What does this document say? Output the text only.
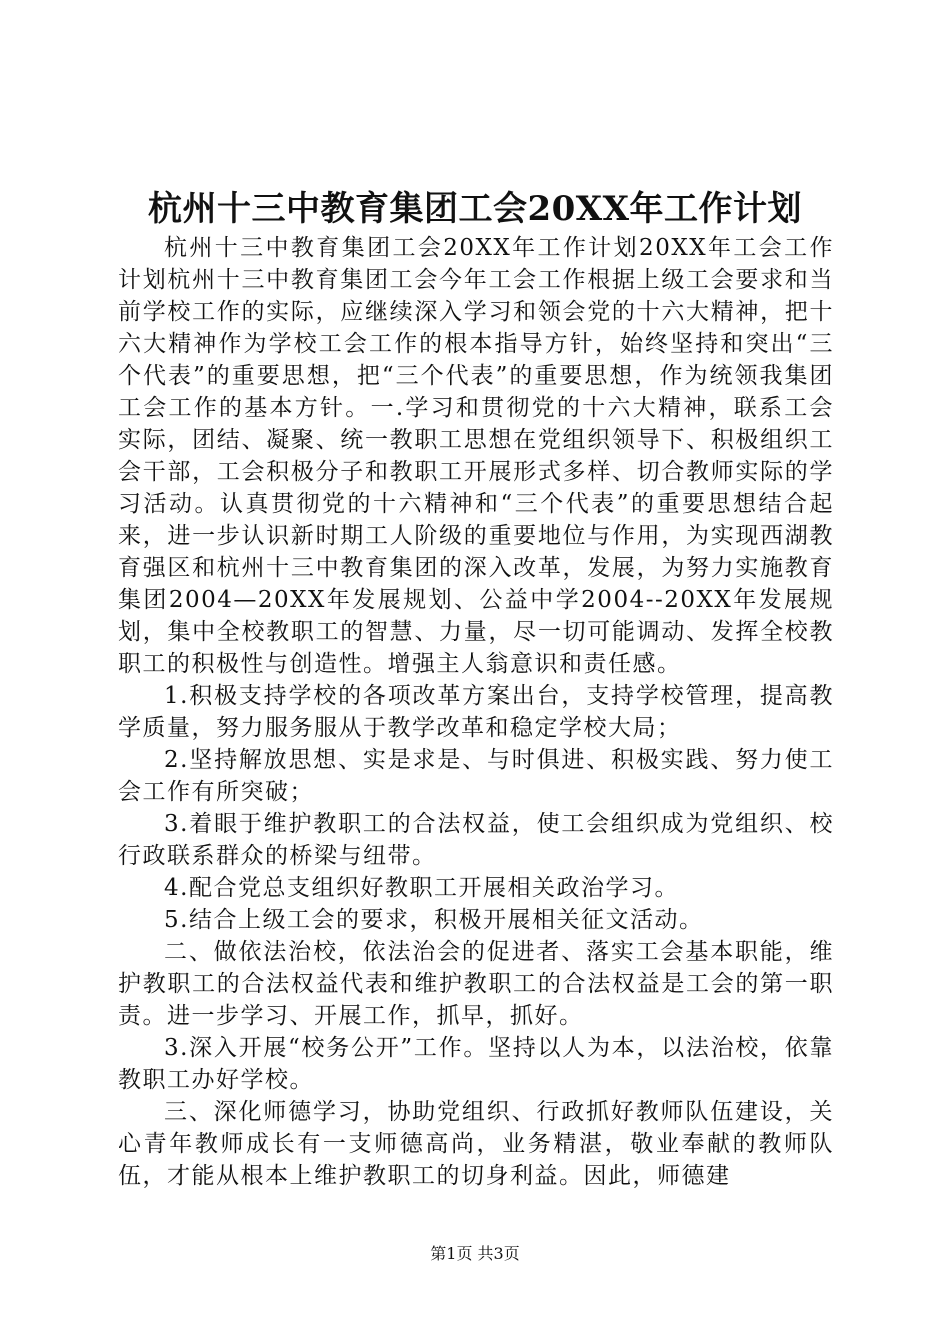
杭州十三中教育集团工会20XX年工作计划

杭州十三中教育集团工会20XX年工作计划20XX年工会工作计划杭州十三中教育集团工会今年工会工作根据上级工会要求和当前学校工作的实际，应继续深入学习和领会党的十六大精神，把十六大精神作为学校工会工作的根本指导方针，始终坚持和突出“三个代表”的重要思想，把“三个代表”的重要思想，作为统领我集团工会工作的基本方针。一.学习和贯彻党的十六大精神，联系工会实际，团结、凝聚、统一教职工思想在党组织领导下、积极组织工会干部，工会积极分子和教职工开展形式多样、切合教师实际的学习活动。认真贯彻党的十六精神和“三个代表”的重要思想结合起来，进一步认识新时期工人阶级的重要地位与作用，为实现西湖教育强区和杭州十三中教育集团的深入改革，发展，为努力实施教育集团2004—20XX年发展规划、公益中学2004--20XX年发展规划，集中全校教职工的智慧、力量，尽一切可能调动、发挥全校教职工的积极性与创造性。增强主人翁意识和责任感。

1.积极支持学校的各项改革方案出台，支持学校管理，提高教学质量，努力服务服从于教学改革和稳定学校大局；

2.坚持解放思想、实是求是、与时俱进、积极实践、努力使工会工作有所突破；

3.着眼于维护教职工的合法权益，使工会组织成为党组织、校行政联系群众的桥梁与纽带。

4.配合党总支组织好教职工开展相关政治学习。

5.结合上级工会的要求，积极开展相关征文活动。

二、做依法治校，依法治会的促进者、落实工会基本职能，维护教职工的合法权益代表和维护教职工的合法权益是工会的第一职责。进一步学习、开展工作，抓早，抓好。

3.深入开展“校务公开”工作。坚持以人为本，以法治校，依靠教职工办好学校。

三、深化师德学习，协助党组织、行政抓好教师队伍建设，关心青年教师成长有一支师德高尚，业务精湛，敬业奉献的教师队伍，才能从根本上维护教职工的切身利益。因此，师德建

第1页 共3页
